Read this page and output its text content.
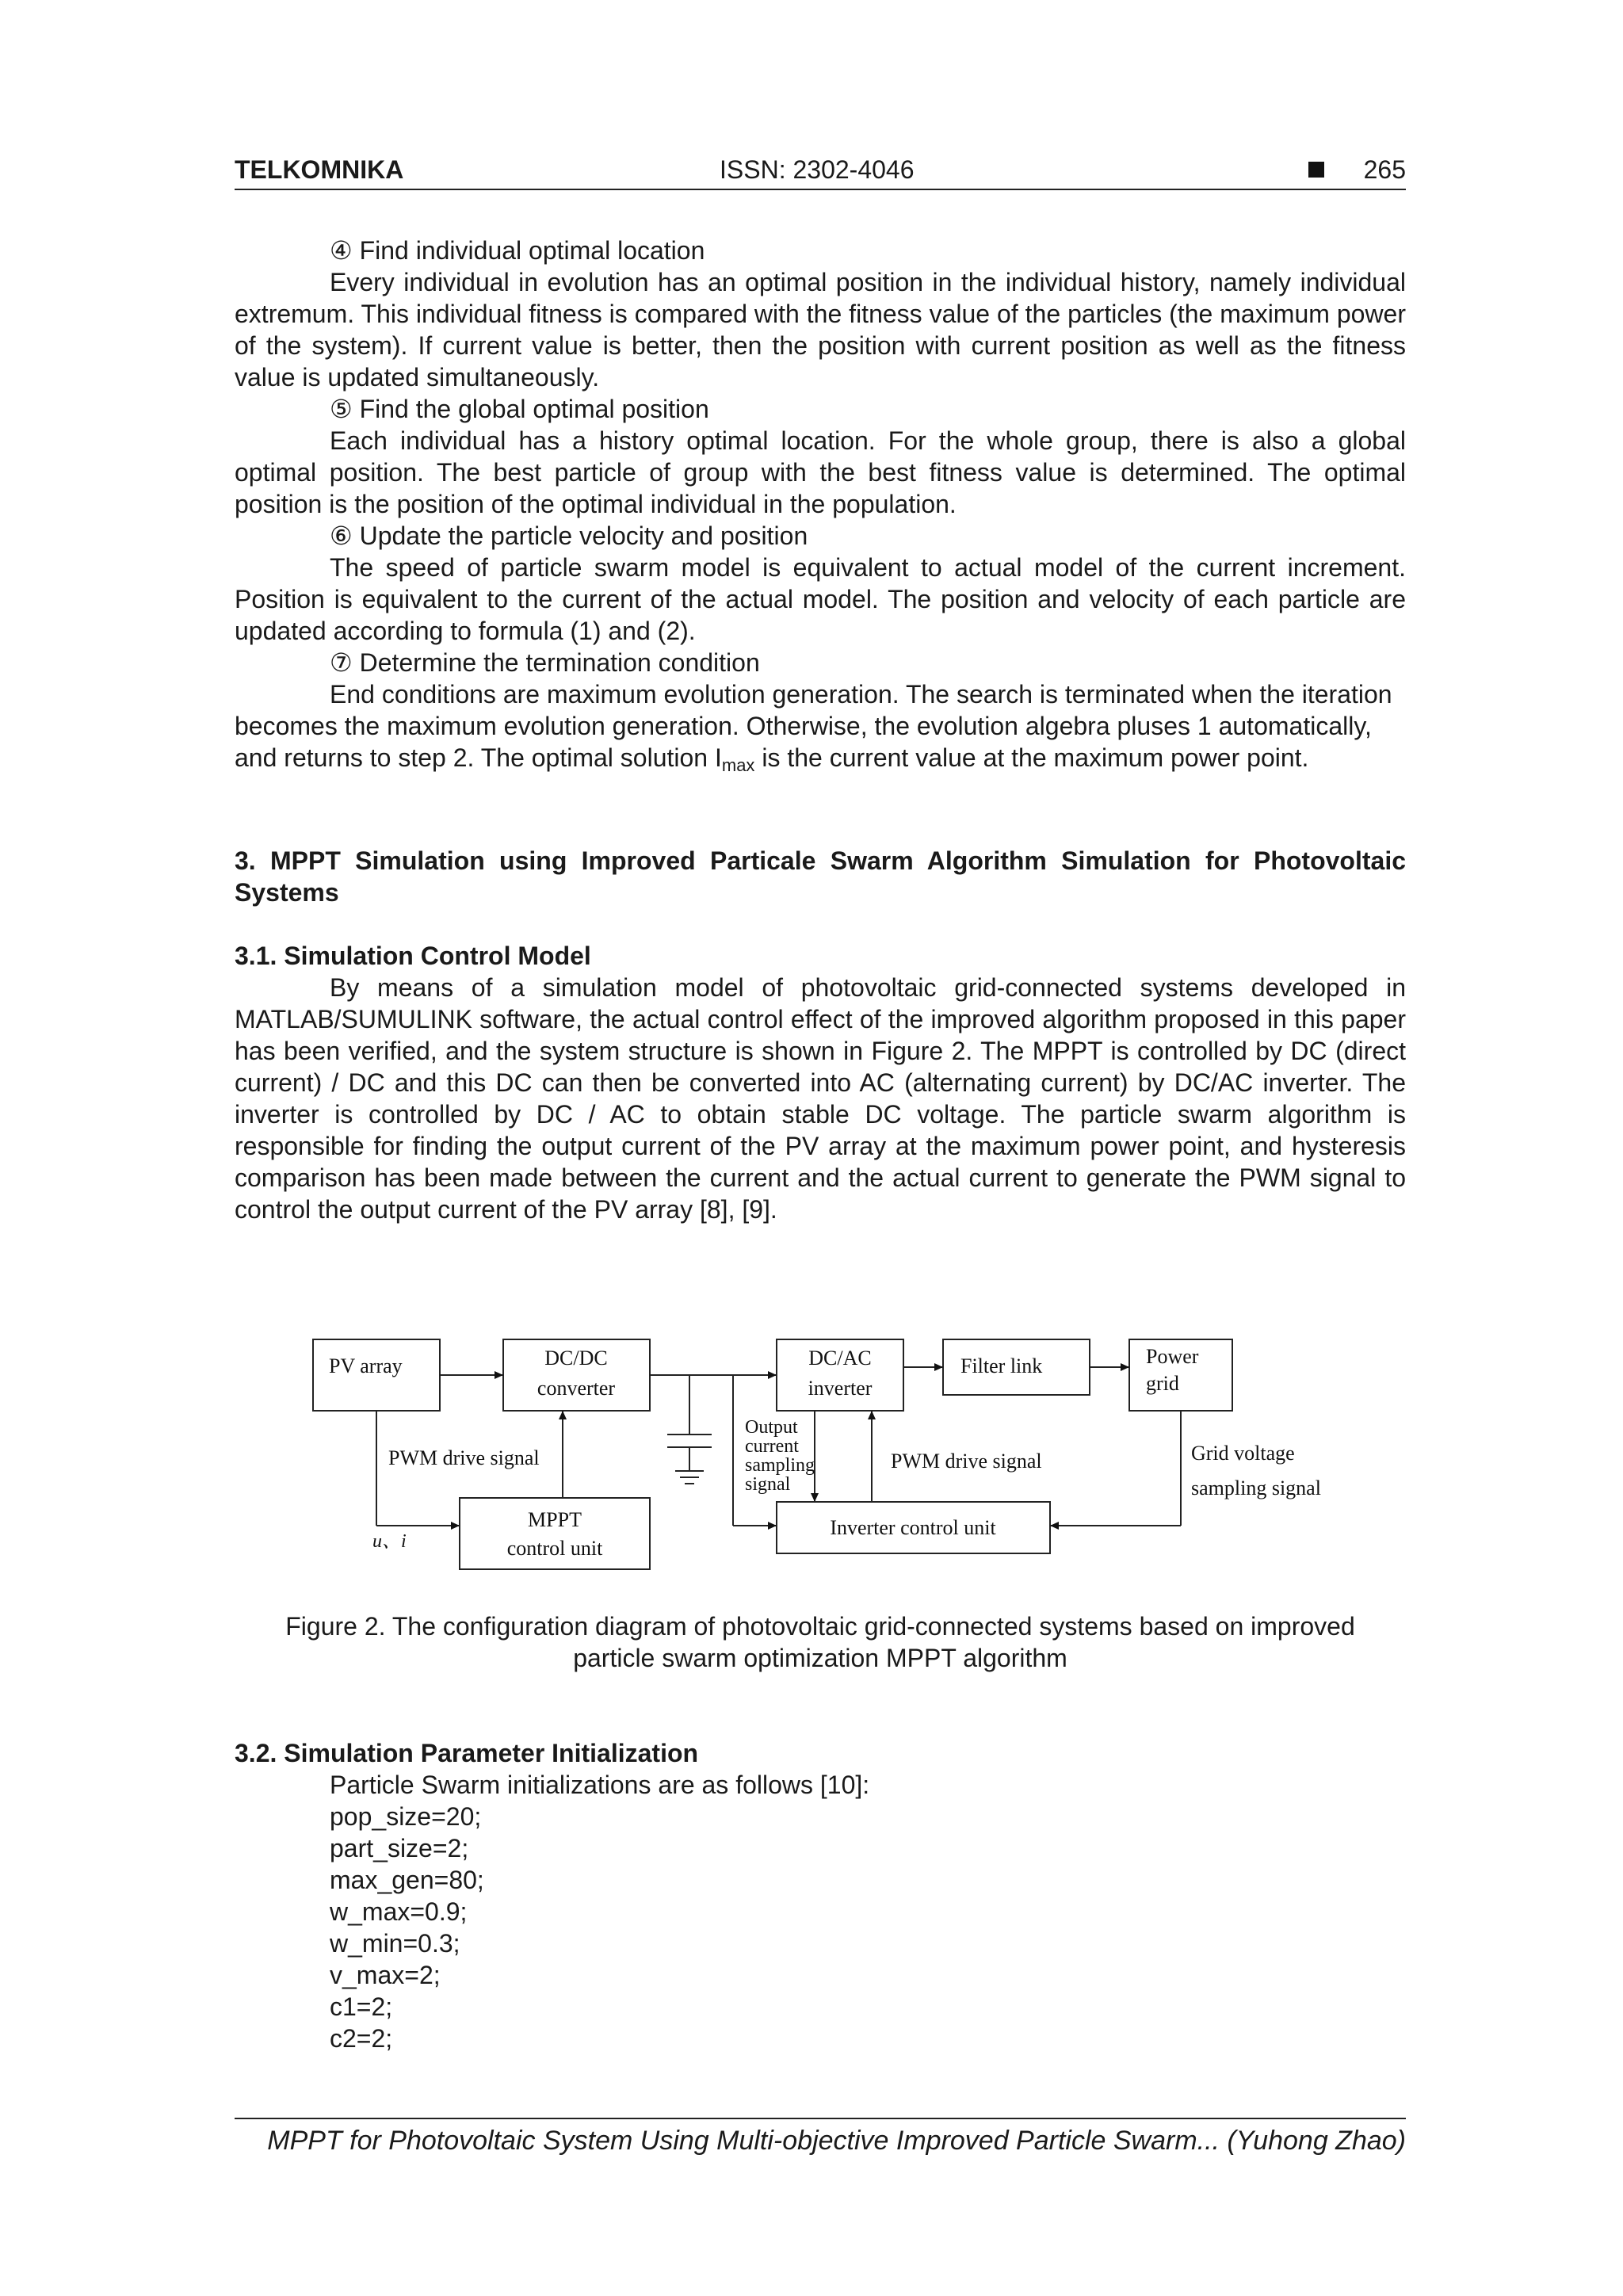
TELKOMNIKA	ISSN: 2302-4046	265
④ Find individual optimal location

Every individual in evolution has an optimal position in the individual history, namely individual extremum. This individual fitness is compared with the fitness value of the particles (the maximum power of the system). If current value is better, then the position with current position as well as the fitness value is updated simultaneously.

⑤ Find the global optimal position

Each individual has a history optimal location. For the whole group, there is also a global optimal position. The best particle of group with the best fitness value is determined. The optimal position is the position of the optimal individual in the population.

⑥ Update the particle velocity and position

The speed of particle swarm model is equivalent to actual model of the current increment. Position is equivalent to the current of the actual model. The position and velocity of each particle are updated according to formula (1) and (2).

⑦ Determine the termination condition

End conditions are maximum evolution generation. The search is terminated when the iteration becomes the maximum evolution generation. Otherwise, the evolution algebra pluses 1 automatically, and returns to step 2. The optimal solution $I_{max}$ is the current value at the maximum power point.

3. MPPT Simulation using Improved Particale Swarm Algorithm Simulation for Photovoltaic Systems
3.1. Simulation Control Model

By means of a simulation model of photovoltaic grid-connected systems developed in MATLAB/SUMULINK software, the actual control effect of the improved algorithm proposed in this paper has been verified, and the system structure is shown in Figure 2. The MPPT is controlled by DC (direct current) / DC and this DC can then be converted into AC (alternating current) by DC/AC inverter. The inverter is controlled by DC / AC to obtain stable DC voltage. The particle swarm algorithm is responsible for finding the output current of the PV array at the maximum power point, and hysteresis comparison has been made between the current and the actual current to generate the PWM signal to control the output current of the PV array [8], [9].

PV array	DC/DC
converter
DC/AC
inverter
Filter link	Power
grid
PWM drive signal
Output
current
sampling
signal
PWM drive signal	Grid voltage
sampling signal
MPPT
control unit
u、i
Inverter control unit
Figure 2. The configuration diagram of photovoltaic grid-connected systems based on improved
particle swarm optimization MPPT algorithm
3.2. Simulation Parameter Initialization
Particle Swarm initializations are as follows [10]:
pop_size=20;
part_size=2;
max_gen=80;
w_max=0.9;
w_min=0.3;
v_max=2;
c1=2;
c2=2;
MPPT for Photovoltaic System Using Multi-objective Improved Particle Swarm... (Yuhong Zhao)
